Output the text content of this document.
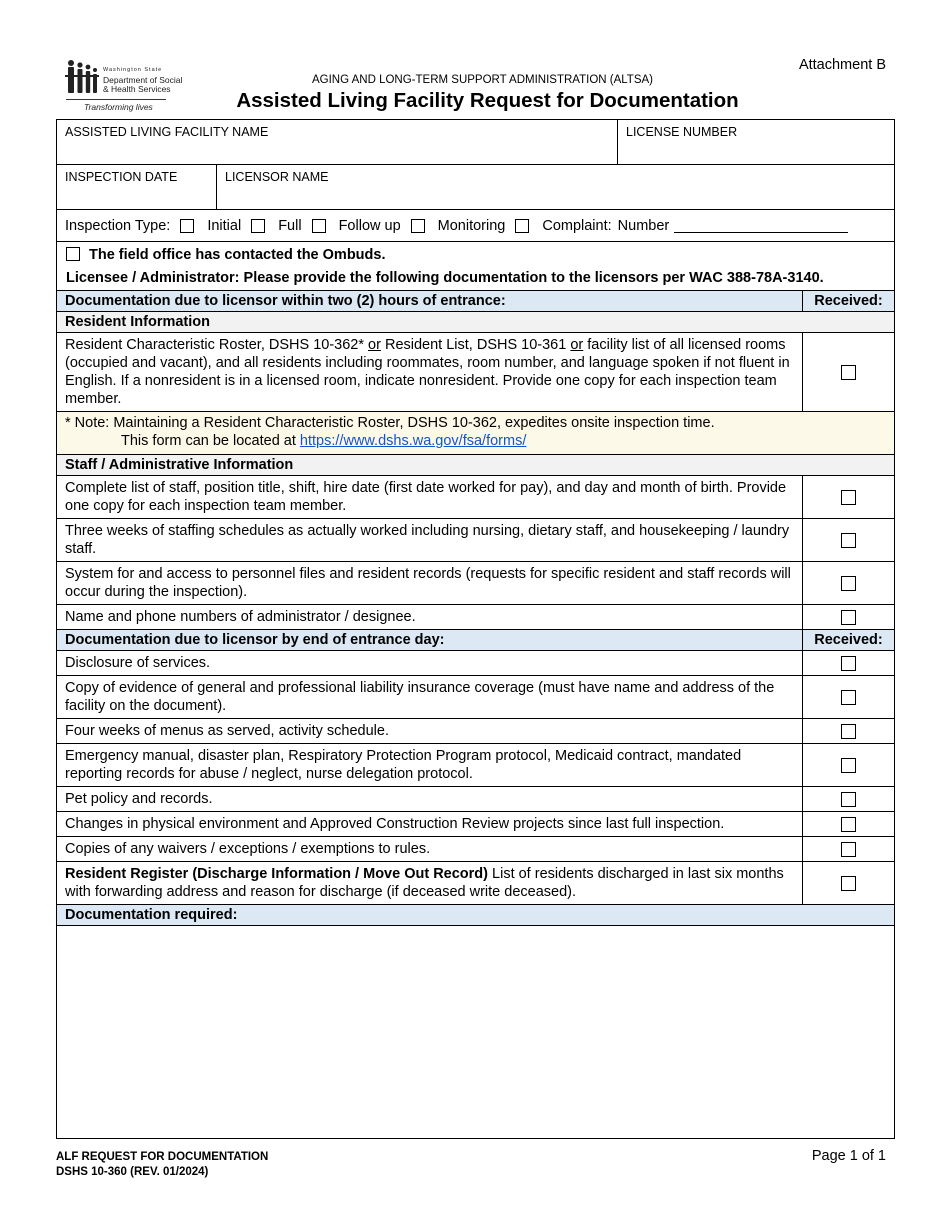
Attachment B
Washington State
Department of Social
& Health Services
Transforming lives
AGING AND LONG-TERM SUPPORT ADMINISTRATION (ALTSA)
Assisted Living Facility Request for Documentation
ASSISTED LIVING FACILITY NAME	LICENSE NUMBER
INSPECTION DATE	LICENSOR NAME
Inspection Type:	Initial	Full	Follow up	Monitoring	Complaint: Number
The field office has contacted the Ombuds.
Licensee / Administrator: Please provide the following documentation to the licensors per WAC 388-78A-3140.
Documentation due to licensor within two (2) hours of entrance:	Received:
Resident Information
Resident Characteristic Roster, DSHS 10-362* or Resident List, DSHS 10-361 or facility list of all licensed rooms (occupied and vacant), and all residents including roommates, room number, and language spoken if not fluent in English. If a nonresident is in a licensed room, indicate nonresident. Provide one copy for each inspection team member.
* Note: Maintaining a Resident Characteristic Roster, DSHS 10-362, expedites onsite inspection time.
This form can be located at https://www.dshs.wa.gov/fsa/forms/
Staff / Administrative Information
Complete list of staff, position title, shift, hire date (first date worked for pay), and day and month of birth. Provide one copy for each inspection team member.
Three weeks of staffing schedules as actually worked including nursing, dietary staff, and housekeeping / laundry staff.
System for and access to personnel files and resident records (requests for specific resident and staff records will occur during the inspection).
Name and phone numbers of administrator / designee.
Documentation due to licensor by end of entrance day:	Received:
Disclosure of services.
Copy of evidence of general and professional liability insurance coverage (must have name and address of the facility on the document).
Four weeks of menus as served, activity schedule.
Emergency manual, disaster plan, Respiratory Protection Program protocol, Medicaid contract, mandated reporting records for abuse / neglect, nurse delegation protocol.
Pet policy and records.
Changes in physical environment and Approved Construction Review projects since last full inspection.
Copies of any waivers / exceptions / exemptions to rules.
Resident Register (Discharge Information / Move Out Record) List of residents discharged in last six months with forwarding address and reason for discharge (if deceased write deceased).
Documentation required:
ALF REQUEST FOR DOCUMENTATION
DSHS 10-360 (REV. 01/2024)
Page 1 of 1
